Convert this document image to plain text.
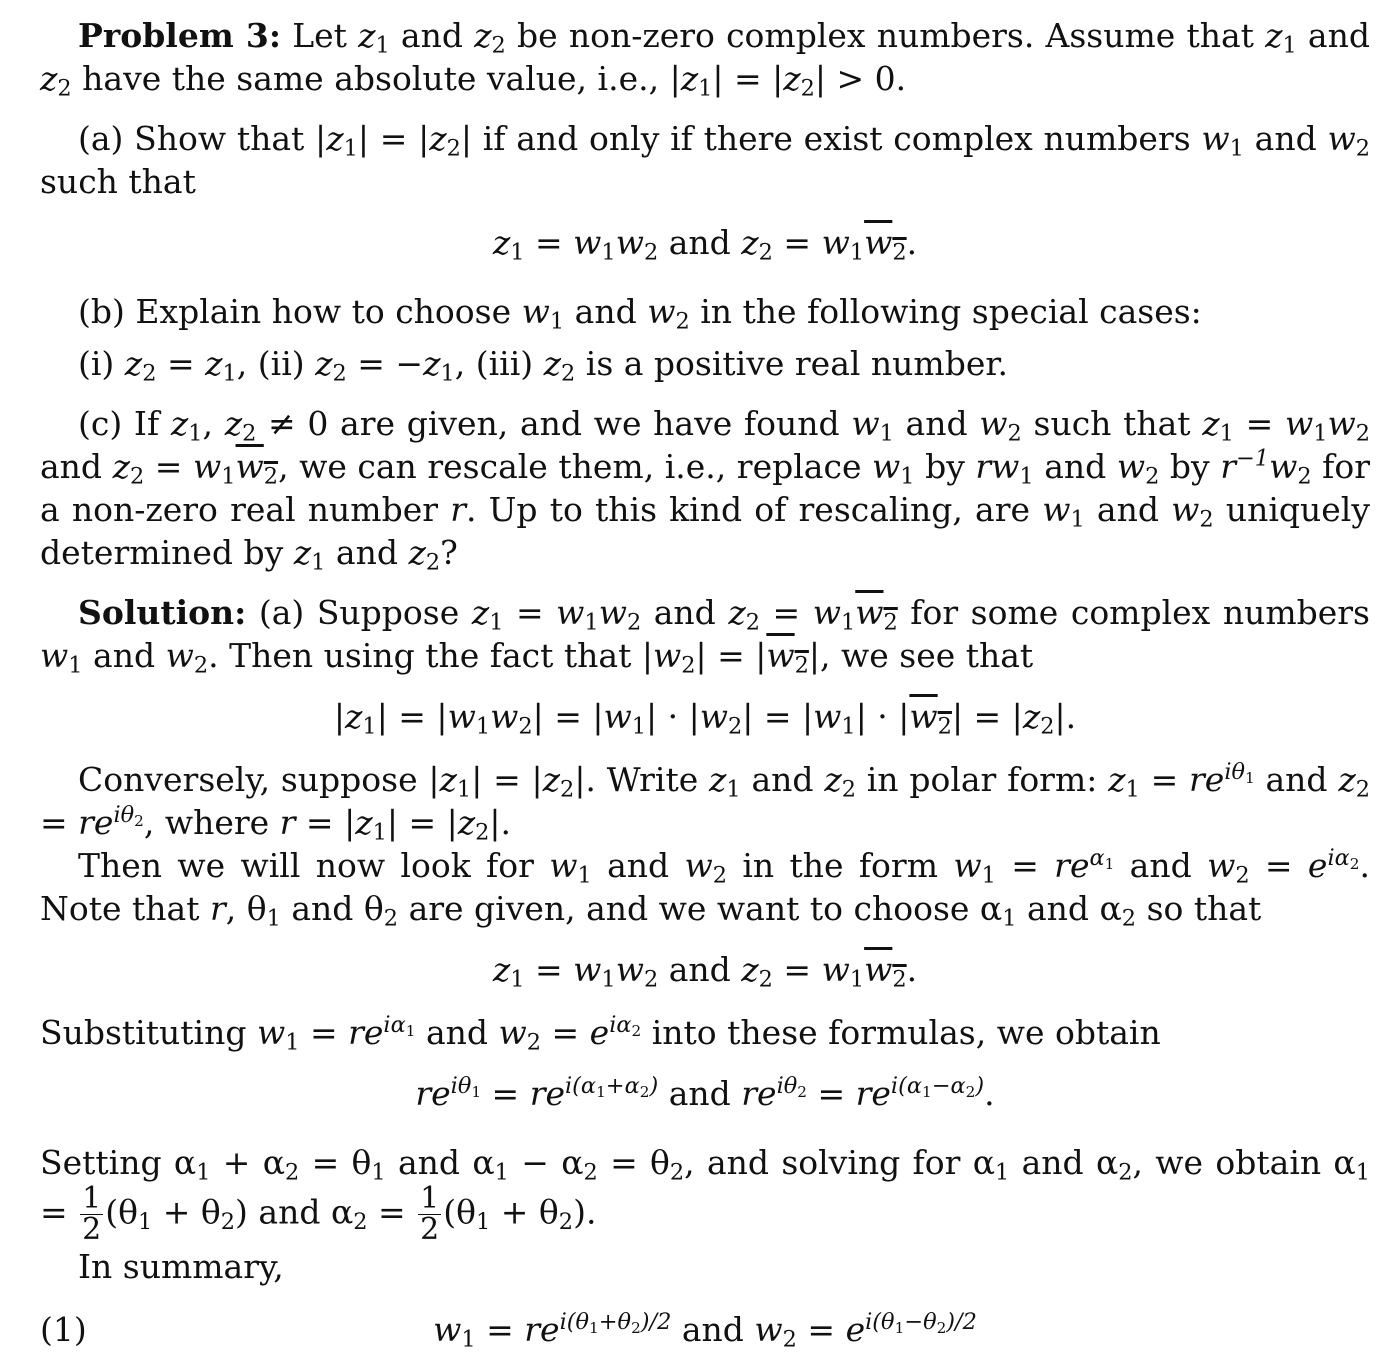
Problem 3: Let $z_1$ and $z_2$ be non-zero complex numbers. Assume that $z_1$ and $z_2$ have the same absolute value, i.e., $|z_1| = |z_2| > 0$.

(a) Show that $|z_1| = |z_2|$ if and only if there exist complex numbers $w_1$ and $w_2$ such that

$z_1 = w_1w_2$ and $z_2 = w_1w_2$.

(b) Explain how to choose $w_1$ and $w_2$ in the following special cases:

(i) $z_2 = z_1$, (ii) $z_2 = -z_1$, (iii) $z_2$ is a positive real number.

(c) If $z_1$, $z_2 \ne 0$ are given, and we have found $w_1$ and $w_2$ such that $z_1 = w_1w_2$ and $z_2 = w_1w_2$, we can rescale them, i.e., replace $w_1$ by $rw_1$ and $w_2$ by $r^{-1}w_2$ for a non-zero real number r. Up to this kind of rescaling, are $w_1$ and $w_2$ uniquely determined by $z_1$ and $z_2$?

Solution: (a) Suppose $z_1 = w_1w_2$ and $z_2 = w_1w_2$ for some complex numbers $w_1$ and $w_2$. Then using the fact that $|w_2| = |w_2|$, we see that

$|z_1| = |w_1w_2| = |w_1| \cdot |w_2| = |w_1| \cdot |w_2| = |z_2|$.

Conversely, suppose $|z_1| = |z_2|$. Write $z_1$ and $z_2$ in polar form: $z_1 = re^{i\theta_1}$ and $z_2 = re^{i\theta_2}$, where $r = |z_1| = |z_2|$.

Then we will now look for $w_1$ and $w_2$ in the form $w_1 = re^{\alpha_1}$ and $w_2 = e^{i\alpha_2}$. Note that r, $\theta_1$ and $\theta_2$ are given, and we want to choose $\alpha_1$ and $\alpha_2$ so that

$z_1 = w_1w_2$ and $z_2 = w_1w_2$.

Substituting $w_1 = re^{i\alpha_1}$ and $w_2 = e^{i\alpha_2}$ into these formulas, we obtain

$re^{i\theta_1} = re^{i(\alpha_1+\alpha_2)}$ and $re^{i\theta_2} = re^{i(\alpha_1-\alpha_2)}$.

Setting $\alpha_1 + \alpha_2 = \theta_1$ and $\alpha_1 - \alpha_2 = \theta_2$, and solving for $\alpha_1$ and $\alpha_2$, we obtain $\alpha_1 = \frac{1}{2} (\theta_1 + \theta_2)$ and $\alpha_2 = \frac{1}{2} (\theta_1 + \theta_2)$.

In summary,

(1)	$w_1 = re^{i(\theta_1+\theta_2)/2}$ and $w_2 = e^{i(\theta_1-\theta_2)/2}$
